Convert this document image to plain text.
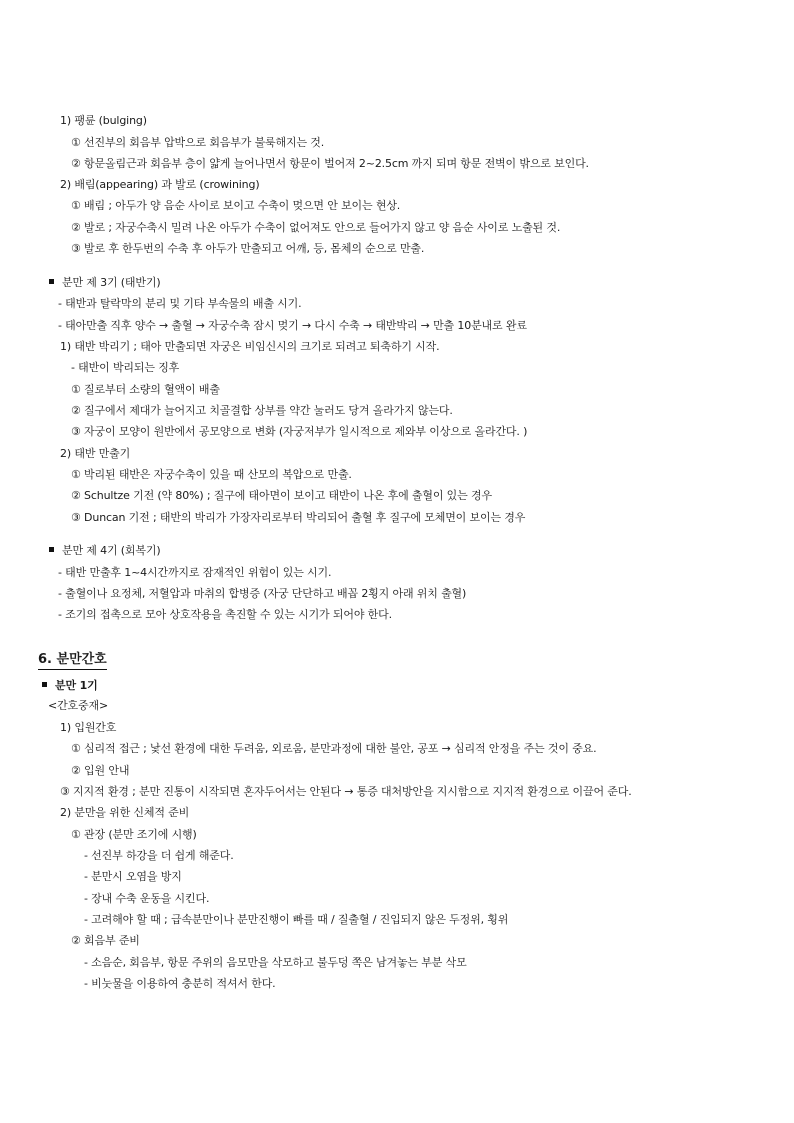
1) 팽륜 (bulging)
① 선진부의 회음부 압박으로 회음부가 불룩해지는 것.
② 항문올림근과 회음부 층이 얇게 늘어나면서 항문이 벌어져 2~2.5cm 까지 되며 항문 전벽이 밖으로 보인다.
2) 배림(appearing) 과 발로 (crowining)
① 배림 ; 아두가 양 음순 사이로 보이고 수축이 멎으면 안 보이는 현상.
② 발로 ; 자궁수축시 밀려 나온 아두가 수축이 없어져도 안으로 들어가지 않고 양 음순 사이로 노출된 것.
③ 발로 후 한두번의 수축 후 아두가 만출되고 어깨, 등, 몸체의 순으로 만출.
분만 제 3기 (태반기)
- 태반과 탈락막의 분리 및 기타 부속물의 배출 시기.
- 태아만출 직후 양수 → 출혈 → 자궁수축 잠시 멎기 → 다시 수축 → 태반박리 → 만출 10분내로 완료
1) 태반 박리기 ; 태아 만출되면 자궁은 비임신시의 크기로 되려고 퇴축하기 시작.
- 태반이 박리되는 징후
① 질로부터 소량의 혈액이 배출
② 질구에서 제대가 늘어지고 치골결합 상부를 약간 눌러도 당겨 올라가지 않는다.
③ 자궁이 모양이 원반에서 공모양으로 변화 (자궁저부가 일시적으로 제와부 이상으로 올라간다. )
2) 태반 만출기
① 박리된 태반은 자궁수축이 있을 때 산모의 복압으로 만출.
② Schultze 기전 (약 80%) ; 질구에 태아면이 보이고 태반이 나온 후에 출혈이 있는 경우
③ Duncan 기전 ; 태반의 박리가 가장자리로부터 박리되어 출혈 후 질구에 모체면이 보이는 경우
분만 제 4기 (회복기)
- 태반 만출후 1~4시간까지로 잠재적인 위험이 있는 시기.
- 출혈이나 요정체, 저혈압과 마취의 합병증 (자궁 단단하고 배꼽 2횡지 아래 위치 출혈)
- 조기의 접촉으로 모아 상호작용을 촉진할 수 있는 시기가 되어야 한다.
6. 분만간호
분만 1기
<간호중재>
1) 입원간호
① 심리적 접근 ; 낯선 환경에 대한 두려움, 외로움, 분만과정에 대한 불안, 공포 → 심리적 안정을 주는 것이 중요.
② 입원 안내
③ 지지적 환경 ; 분만 진통이 시작되면 혼자두어서는 안된다 → 통증 대처방안을 지시함으로 지지적 환경으로 이끌어 준다.
2) 분만을 위한 신체적 준비
① 관장 (분만 조기에 시행)
- 선진부 하강을 더 쉽게 해준다.
- 분만시 오염을 방지
- 장내 수축 운동을 시킨다.
- 고려해야 할 때 ; 급속분만이나 분만진행이 빠를 때 / 질출혈 / 진입되지 않은 두정위, 횡위
② 회음부 준비
- 소음순, 회음부, 항문 주위의 음모만을 삭모하고 불두덩 쪽은 남겨놓는 부분 삭모
- 비눗물을 이용하여 충분히 적셔서 한다.
